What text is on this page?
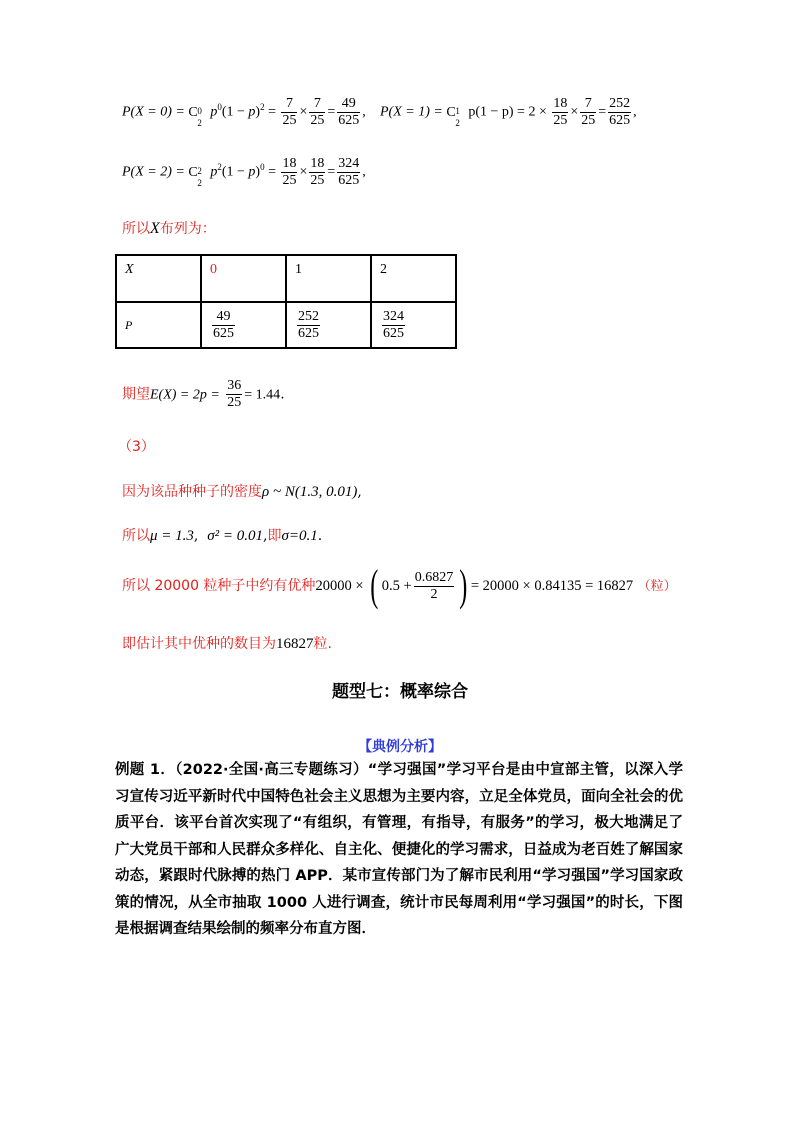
P(X = 0) = C 0
2
$p^0(1 - p)^2 = \frac{7}{25} \times \frac{7}{25} = \frac{49}{625}$ , P(X = 1) = C 1
2
$p(1 - p) = 2 \times \frac{18}{25} \times \frac{7}{25} = \frac{252}{625}$ ,
P(X = 2) = C 2
2
$p^2(1 - p)^0 = \frac{18}{25} \times \frac{18}{25} = \frac{324}{625}$ ,
所以X布列为：
X	0	1	2

P	$\frac{49}{625}$	$\frac{252}{625}$	$\frac{324}{625}$
期望$E(X) = 2p = \frac{36}{25} = 1.44$.
（3）
因为该品种种子的密度ρ ~ N(1.3, 0.01),
所以μ = 1.3,  σ² = 0.01,即σ=0.1.
所以 20000 粒种子中约有优种20000 × ( $0.5 + \frac{0.6827}{2}$ ) = 20000 × 0.84135 = 16827 （粒）
即估计其中优种的数目为16827粒.
题型七：概率综合
【典例分析】
例题 1．（2022·全国·高三专题练习）“学习强国”学习平台是由中宣部主管，以深入学习宣传习近平新时代中国特色社会主义思想为主要内容，立足全体党员，面向全社会的优质平台．该平台首次实现了“有组织，有管理，有指导，有服务”的学习，极大地满足了广大党员干部和人民群众多样化、自主化、便捷化的学习需求，日益成为老百姓了解国家动态，紧跟时代脉搏的热门 APP．某市宣传部门为了解市民利用“学习强国”学习国家政策的情况，从全市抽取 1000 人进行调查，统计市民每周利用“学习强国”的时长，下图是根据调查结果绘制的频率分布直方图．
